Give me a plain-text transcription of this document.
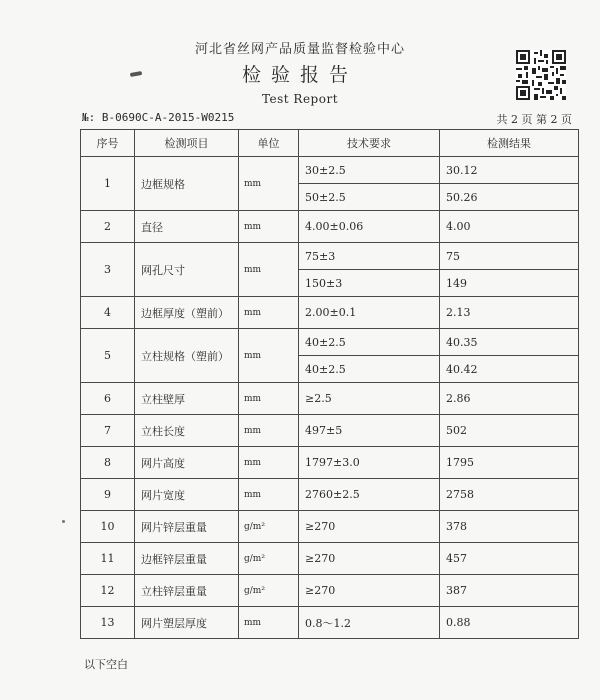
河北省丝网产品质量监督检验中心
检验报告
Test Report
№: B-0690C-A-2015-W0215	共 2 页 第 2 页
序号	检测项目	单位	技术要求	检测结果
1	边框规格	mm	30±2.5	30.12
			50±2.5	50.26
2	直径	mm	4.00±0.06	4.00
3	网孔尺寸	mm	75±3	75
			150±3	149
4	边框厚度（塑前）	mm	2.00±0.1	2.13
5	立柱规格（塑前）	mm	40±2.5	40.35
			40±2.5	40.42
6	立柱壁厚	mm	≥2.5	2.86
7	立柱长度	mm	497±5	502
8	网片高度	mm	1797±3.0	1795
9	网片宽度	mm	2760±2.5	2758
10	网片锌层重量	g/m²	≥270	378
11	边框锌层重量	g/m²	≥270	457
12	立柱锌层重量	g/m²	≥270	387
13	网片塑层厚度	mm	0.8～1.2	0.88
以下空白
